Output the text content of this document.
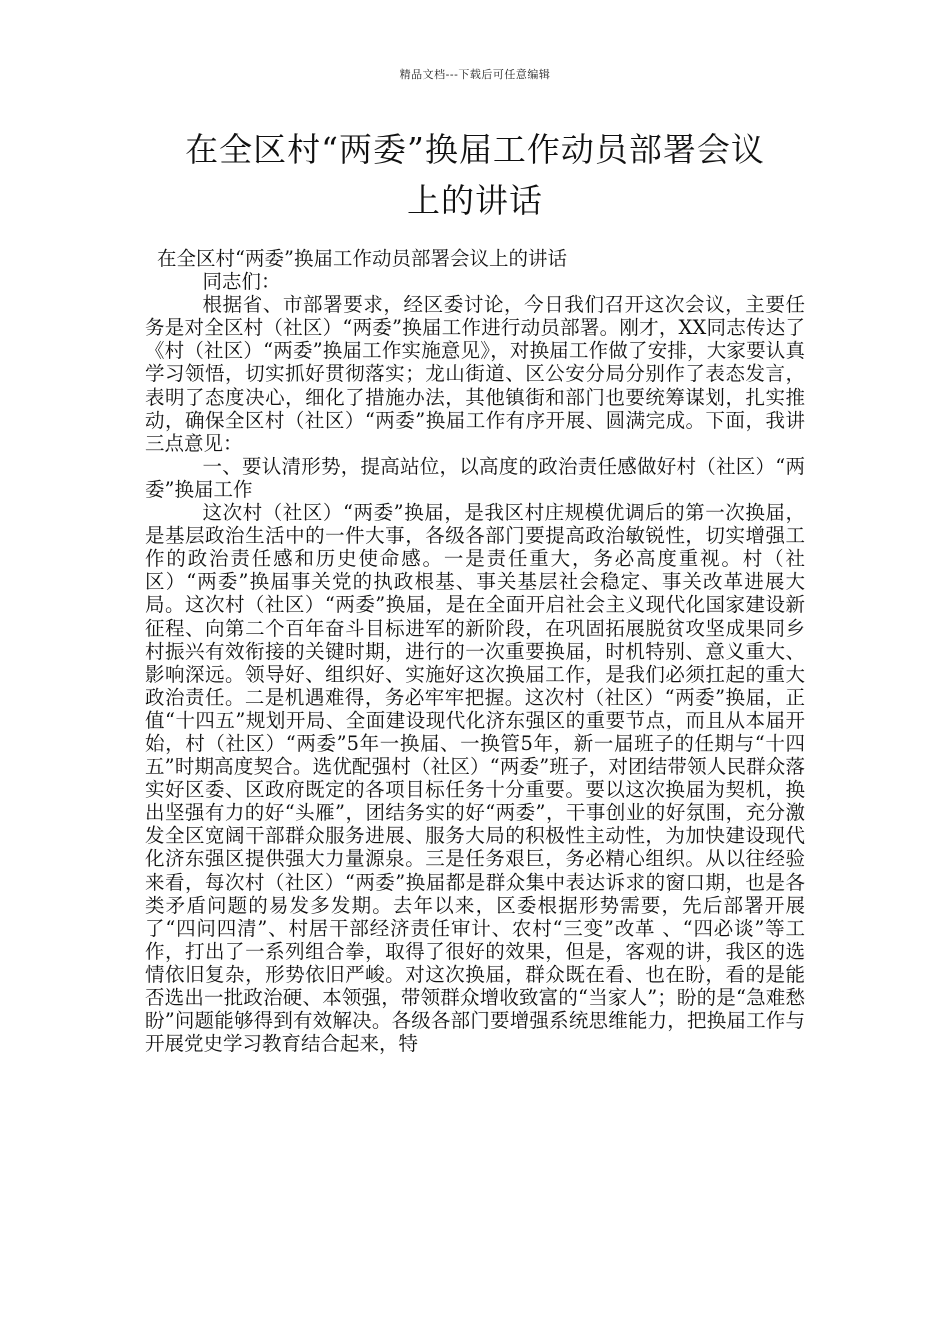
精品文档---下载后可任意编辑
在全区村“两委”换届工作动员部署会议
上的讲话

在全区村“两委”换届工作动员部署会议上的讲话

同志们：

根据省、市部署要求，经区委讨论，今日我们召开这次会议，主要任务是对全区村（社区）“两委”换届工作进行动员部署。刚才，XX同志传达了《村（社区）“两委”换届工作实施意见》，对换届工作做了安排，大家要认真学习领悟，切实抓好贯彻落实；龙山街道、区公安分局分别作了表态发言，表明了态度决心，细化了措施办法，其他镇街和部门也要统筹谋划，扎实推动，确保全区村（社区）“两委”换届工作有序开展、圆满完成。下面，我讲三点意见：

一、要认清形势，提高站位，以高度的政治责任感做好村（社区）“两委”换届工作

这次村（社区）“两委”换届，是我区村庄规模优调后的第一次换届，是基层政治生活中的一件大事，各级各部门要提高政治敏锐性，切实增强工作的政治责任感和历史使命感。一是责任重大，务必高度重视。村（社区）“两委”换届事关党的执政根基、事关基层社会稳定、事关改革进展大局。这次村（社区）“两委”换届，是在全面开启社会主义现代化国家建设新征程、向第二个百年奋斗目标进军的新阶段，在巩固拓展脱贫攻坚成果同乡村振兴有效衔接的关键时期，进行的一次重要换届，时机特别、意义重大、影响深远。领导好、组织好、实施好这次换届工作，是我们必须扛起的重大政治责任。二是机遇难得，务必牢牢把握。这次村（社区）“两委”换届，正值“十四五”规划开局、全面建设现代化济东强区的重要节点，而且从本届开始，村（社区）“两委”5年一换届、一换管5年，新一届班子的任期与“十四五”时期高度契合。选优配强村（社区）“两委”班子，对团结带领人民群众落实好区委、区政府既定的各项目标任务十分重要。要以这次换届为契机，换出坚强有力的好“头雁”，团结务实的好“两委”，干事创业的好氛围，充分激发全区宽阔干部群众服务进展、服务大局的积极性主动性，为加快建设现代化济东强区提供强大力量源泉。三是任务艰巨，务必精心组织。从以往经验来看，每次村（社区）“两委”换届都是群众集中表达诉求的窗口期，也是各类矛盾问题的易发多发期。去年以来，区委根据形势需要，先后部署开展了“四问四清”、村居干部经济责任审计、农村“三变”改革 、“四必谈”等工作，打出了一系列组合拳，取得了很好的效果，但是，客观的讲，我区的选情依旧复杂，形势依旧严峻。对这次换届，群众既在看、也在盼，看的是能否选出一批政治硬、本领强，带领群众增收致富的“当家人”；盼的是“急难愁盼”问题能够得到有效解决。各级各部门要增强系统思维能力，把换届工作与开展党史学习教育结合起来，特
